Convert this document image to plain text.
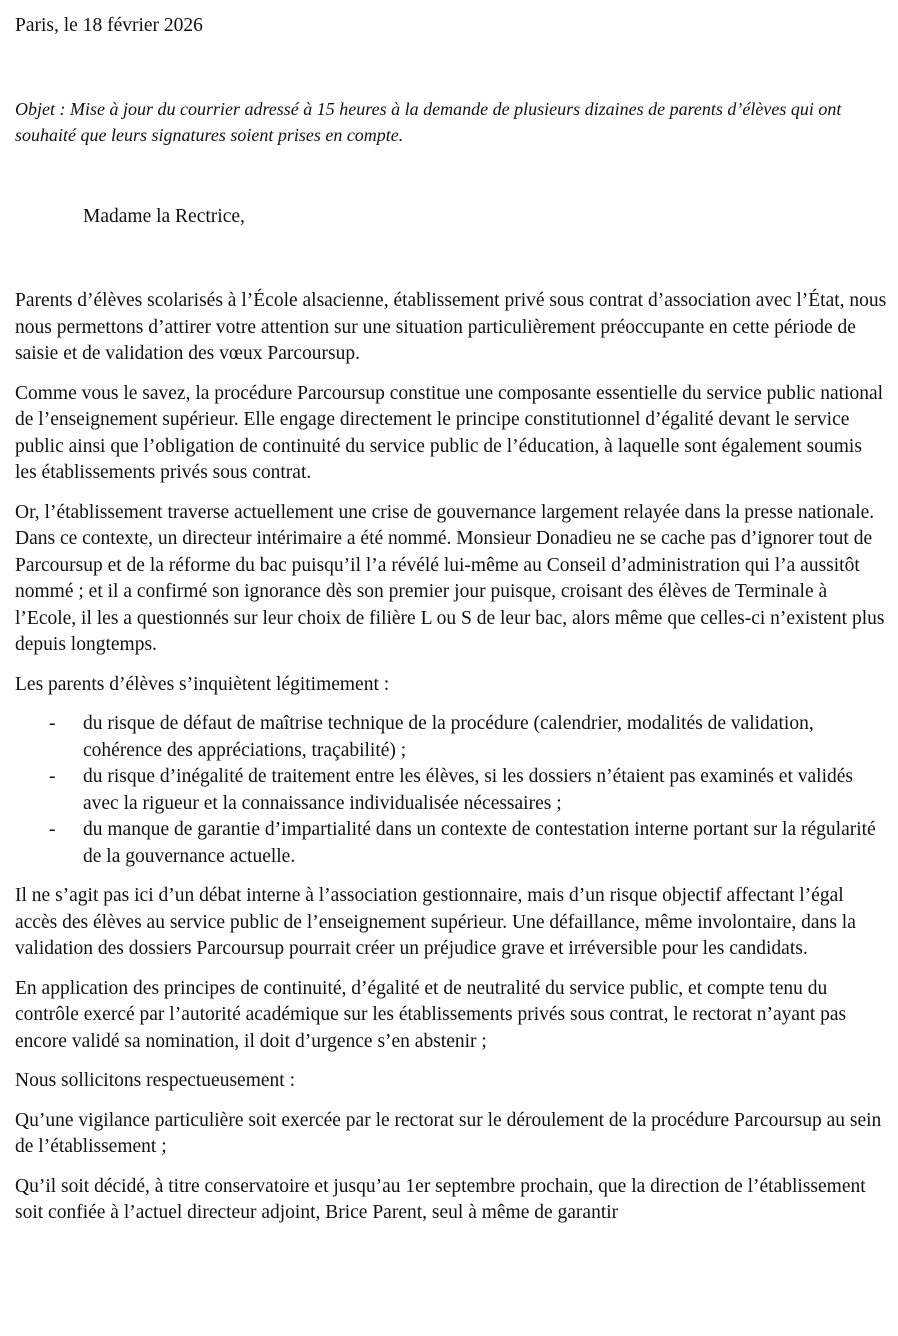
Paris, le 18 février 2026

Objet : Mise à jour du courrier adressé à 15 heures à la demande de plusieurs dizaines de parents d’élèves qui ont souhaité que leurs signatures soient prises en compte.

Madame la Rectrice,

Parents d’élèves scolarisés à l’École alsacienne, établissement privé sous contrat d’association avec l’État, nous nous permettons d’attirer votre attention sur une situation particulièrement préoccupante en cette période de saisie et de validation des vœux Parcoursup.

Comme vous le savez, la procédure Parcoursup constitue une composante essentielle du service public national de l’enseignement supérieur. Elle engage directement le principe constitutionnel d’égalité devant le service public ainsi que l’obligation de continuité du service public de l’éducation, à laquelle sont également soumis les établissements privés sous contrat.

Or, l’établissement traverse actuellement une crise de gouvernance largement relayée dans la presse nationale. Dans ce contexte, un directeur intérimaire a été nommé. Monsieur Donadieu ne se cache pas d’ignorer tout de Parcoursup et de la réforme du bac puisqu’il l’a révélé lui-même au Conseil d’administration qui l’a aussitôt nommé ; et il a confirmé son ignorance dès son premier jour puisque, croisant des élèves de Terminale à l’Ecole, il les a questionnés sur leur choix de filière L ou S de leur bac, alors même que celles-ci n’existent plus depuis longtemps.

Les parents d’élèves s’inquiètent légitimement :

- du risque de défaut de maîtrise technique de la procédure (calendrier, modalités de validation, cohérence des appréciations, traçabilité) ;
- du risque d’inégalité de traitement entre les élèves, si les dossiers n’étaient pas examinés et validés avec la rigueur et la connaissance individualisée nécessaires ;
- du manque de garantie d’impartialité dans un contexte de contestation interne portant sur la régularité de la gouvernance actuelle.

Il ne s’agit pas ici d’un débat interne à l’association gestionnaire, mais d’un risque objectif affectant l’égal accès des élèves au service public de l’enseignement supérieur. Une défaillance, même involontaire, dans la validation des dossiers Parcoursup pourrait créer un préjudice grave et irréversible pour les candidats.

En application des principes de continuité, d’égalité et de neutralité du service public, et compte tenu du contrôle exercé par l’autorité académique sur les établissements privés sous contrat, le rectorat n’ayant pas encore validé sa nomination, il doit d’urgence s’en abstenir ;

Nous sollicitons respectueusement :

Qu’une vigilance particulière soit exercée par le rectorat sur le déroulement de la procédure Parcoursup au sein de l’établissement ;

Qu’il soit décidé, à titre conservatoire et jusqu’au 1er septembre prochain, que la direction de l’établissement soit confiée à l’actuel directeur adjoint, Brice Parent, seul à même de garantir
